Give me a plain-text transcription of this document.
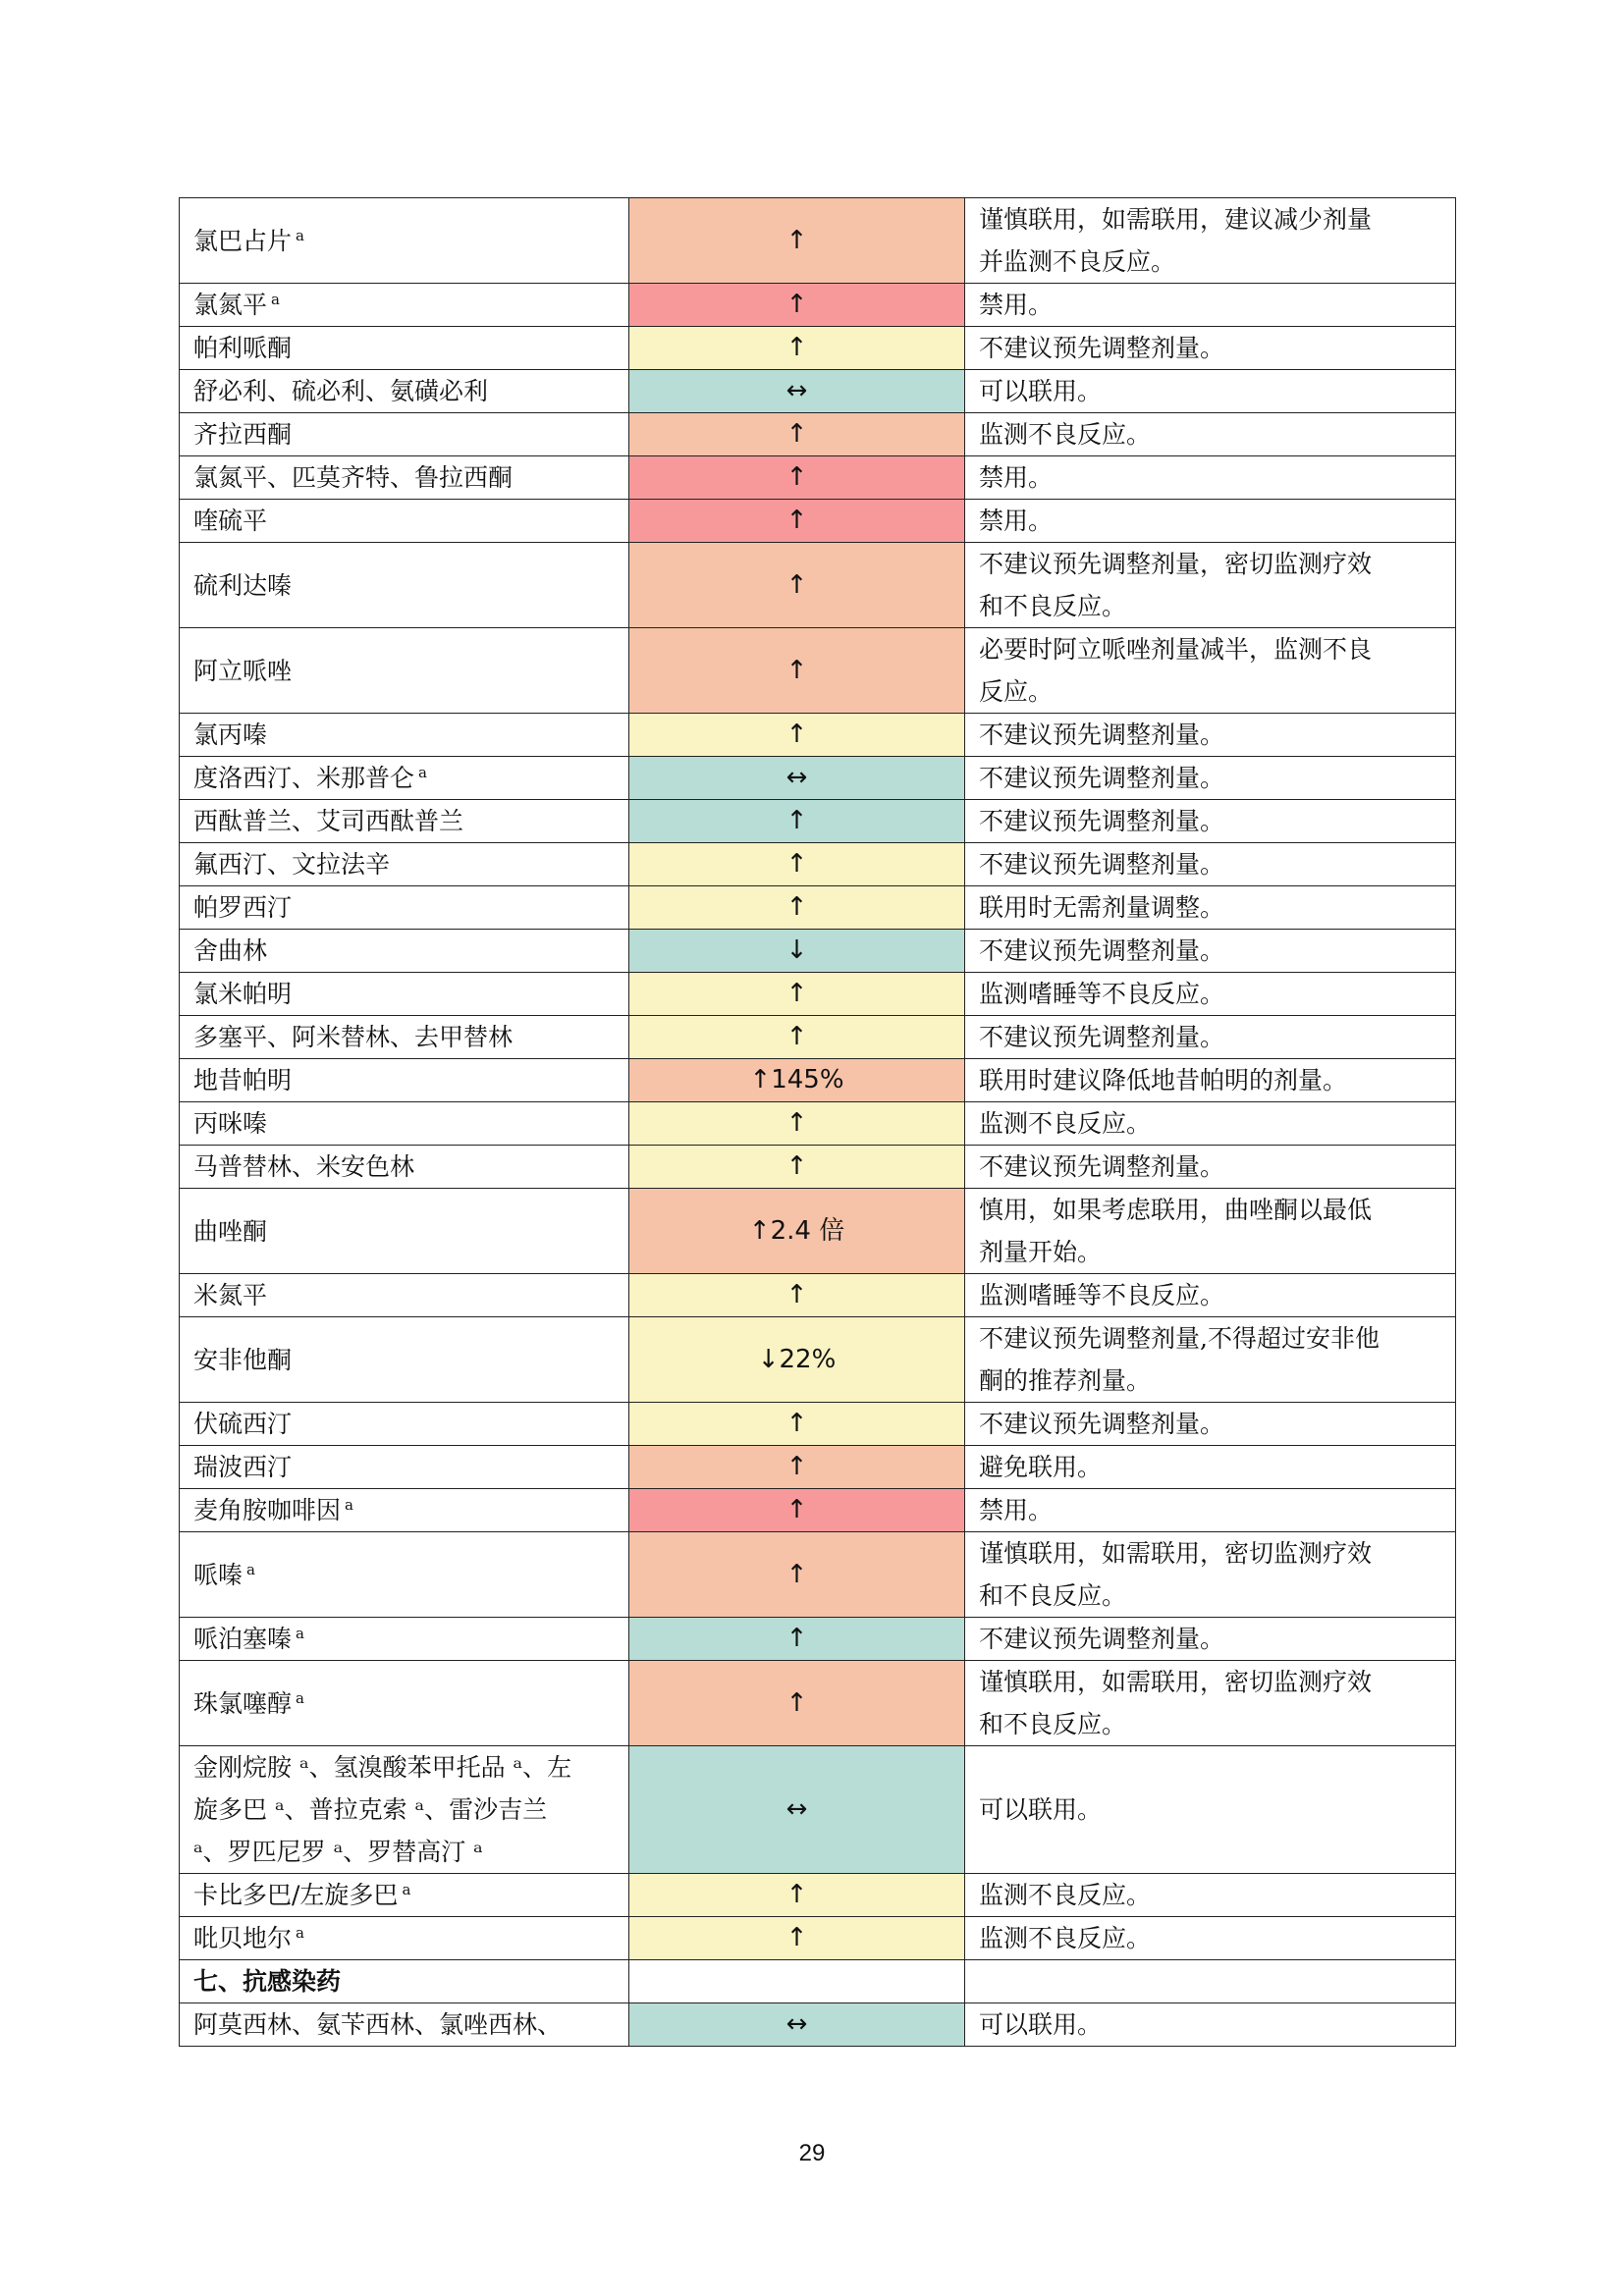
氯巴占片 $^a$	↑	谨慎联用，如需联用，建议减少剂量
并监测不良反应。

氯氮平 $^a$	↑	禁用。

帕利哌酮	↑	不建议预先调整剂量。

舒必利、硫必利、氨磺必利	↔	可以联用。

齐拉西酮	↑	监测不良反应。

氯氮平、匹莫齐特、鲁拉西酮	↑	禁用。

喹硫平	↑	禁用。

硫利达嗪	↑	不建议预先调整剂量，密切监测疗效
和不良反应。

阿立哌唑	↑	必要时阿立哌唑剂量减半，监测不良
反应。

氯丙嗪	↑	不建议预先调整剂量。

度洛西汀、米那普仑 $^a$	↔	不建议预先调整剂量。

西酞普兰、艾司西酞普兰	↑	不建议预先调整剂量。

氟西汀、文拉法辛	↑	不建议预先调整剂量。

帕罗西汀	↑	联用时无需剂量调整。

舍曲林	↓	不建议预先调整剂量。

氯米帕明	↑	监测嗜睡等不良反应。

多塞平、阿米替林、去甲替林	↑	不建议预先调整剂量。

地昔帕明	↑145%	联用时建议降低地昔帕明的剂量。

丙咪嗪	↑	监测不良反应。

马普替林、米安色林	↑	不建议预先调整剂量。

曲唑酮	↑2.4 倍	慎用，如果考虑联用，曲唑酮以最低
剂量开始。

米氮平	↑	监测嗜睡等不良反应。

安非他酮	↓22%	不建议预先调整剂量,不得超过安非他
酮的推荐剂量。

伏硫西汀	↑	不建议预先调整剂量。

瑞波西汀	↑	避免联用。

麦角胺咖啡因 $^a$	↑	禁用。

哌嗪 $^a$	↑	谨慎联用，如需联用，密切监测疗效
和不良反应。

哌泊塞嗪 $^a$	↑	不建议预先调整剂量。

珠氯噻醇 $^a$	↑	谨慎联用，如需联用，密切监测疗效
和不良反应。

金刚烷胺 ᵃ、氢溴酸苯甲托品 ᵃ、左
旋多巴 ᵃ、普拉克索 ᵃ、雷沙吉兰
ᵃ、罗匹尼罗 ᵃ、罗替高汀 ᵃ	↔	可以联用。

卡比多巴/左旋多巴 $^a$	↑	监测不良反应。

吡贝地尔 $^a$	↑	监测不良反应。

七、抗感染药		

阿莫西林、氨苄西林、氯唑西林、	↔	可以联用。
29
